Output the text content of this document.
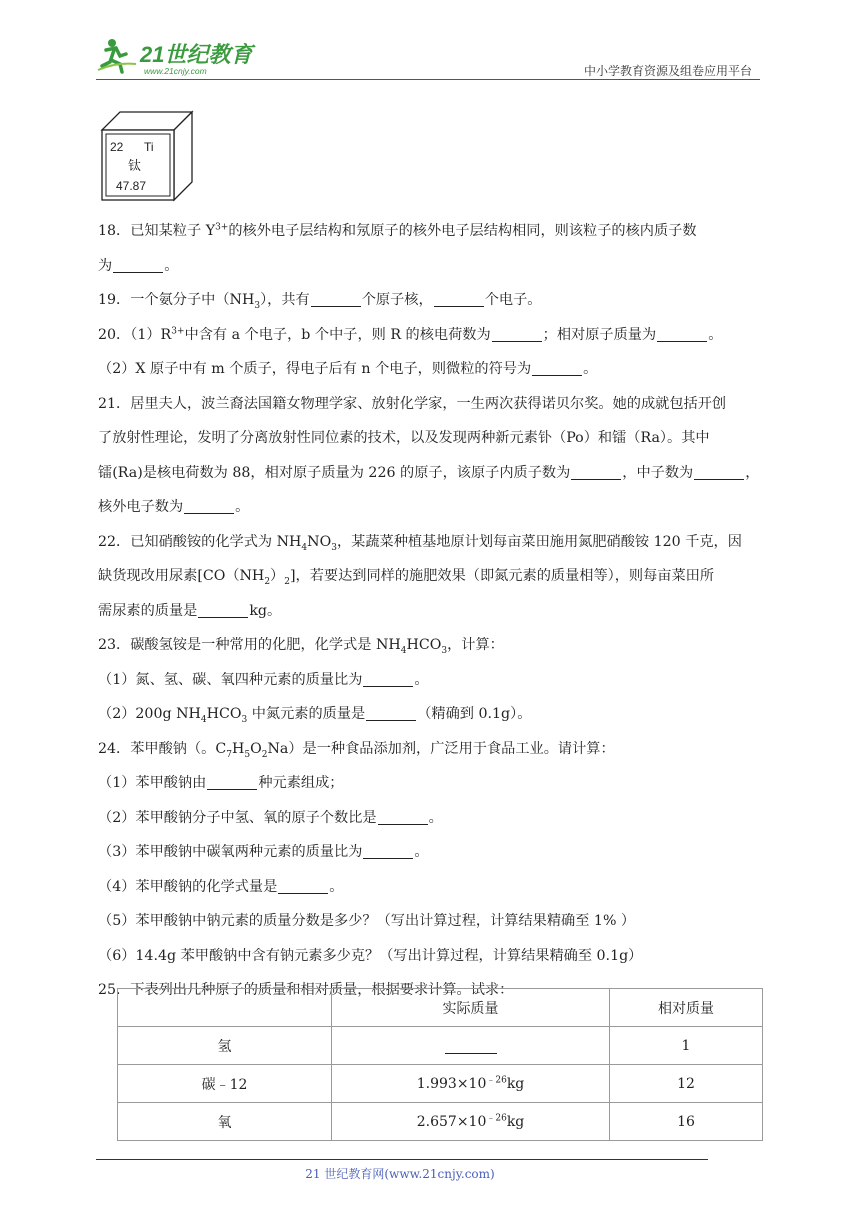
21世纪教育
www.21cnjy.com	中小学教育资源及组卷应用平台
22 Ti
钛
47.87
18．已知某粒子 $Y^{3+}$的核外电子层结构和氖原子的核外电子层结构相同，则该粒子的核内质子数
为	。
19．一个氨分子中$(NH_3)$，共有	个原子核，	个电子。
20．$(1)R^{3+}$中含有 a 个电子，b 个中子，则 R 的核电荷数为	；相对原子质量为	。
（2）X 原子中有 m 个质子，得电子后有 n 个电子，则微粒的符号为	。
21．居里夫人，波兰裔法国籍女物理学家、放射化学家，一生两次获得诺贝尔奖。她的成就包括开创
了放射性理论，发明了分离放射性同位素的技术，以及发现两种新元素钋（Po）和镭（Ra）。其中
镭(Ra)是核电荷数为 88，相对原子质量为 226 的原子，该原子内质子数为	，中子数为	，
核外电子数为	。
22．已知硝酸铵的化学式为 $NH_4NO_3$，某蔬菜种植基地原计划每亩菜田施用氮肥硝酸铵 120 千克，因
缺货现改用尿素$[CO(NH_2)_2]$，若要达到同样的施肥效果（即氮元素的质量相等），则每亩菜田所
需尿素的质量是	kg。
23．碳酸氢铵是一种常用的化肥，化学式是 $NH_4HCO_3$，计算：
（1）氮、氢、碳、氧四种元素的质量比为	。
（2）200g $NH_4HCO_3$ 中氮元素的质量是	（精确到 0.1g）。
24．苯甲酸钠（。$C_7H_5O_2Na$）是一种食品添加剂，广泛用于食品工业。请计算：
（1）苯甲酸钠由	种元素组成；
（2）苯甲酸钠分子中氢、氧的原子个数比是	。
（3）苯甲酸钠中碳氧两种元素的质量比为	。
（4）苯甲酸钠的化学式量是	。
（5）苯甲酸钠中钠元素的质量分数是多少？（写出计算过程，计算结果精确至 1% ）
（6）14.4g 苯甲酸钠中含有钠元素多少克？（写出计算过程，计算结果精确至 0.1g）
25．下表列出几种原子的质量和相对质量，根据要求计算。试求：
	实际质量	相对质量
氢		1
碳﹣12	$1.993\times 10^{﹣26}kg$	12
氧	$2.657\times 10^{﹣26}kg$	16
21 世纪教育网(www.21cnjy.com)
